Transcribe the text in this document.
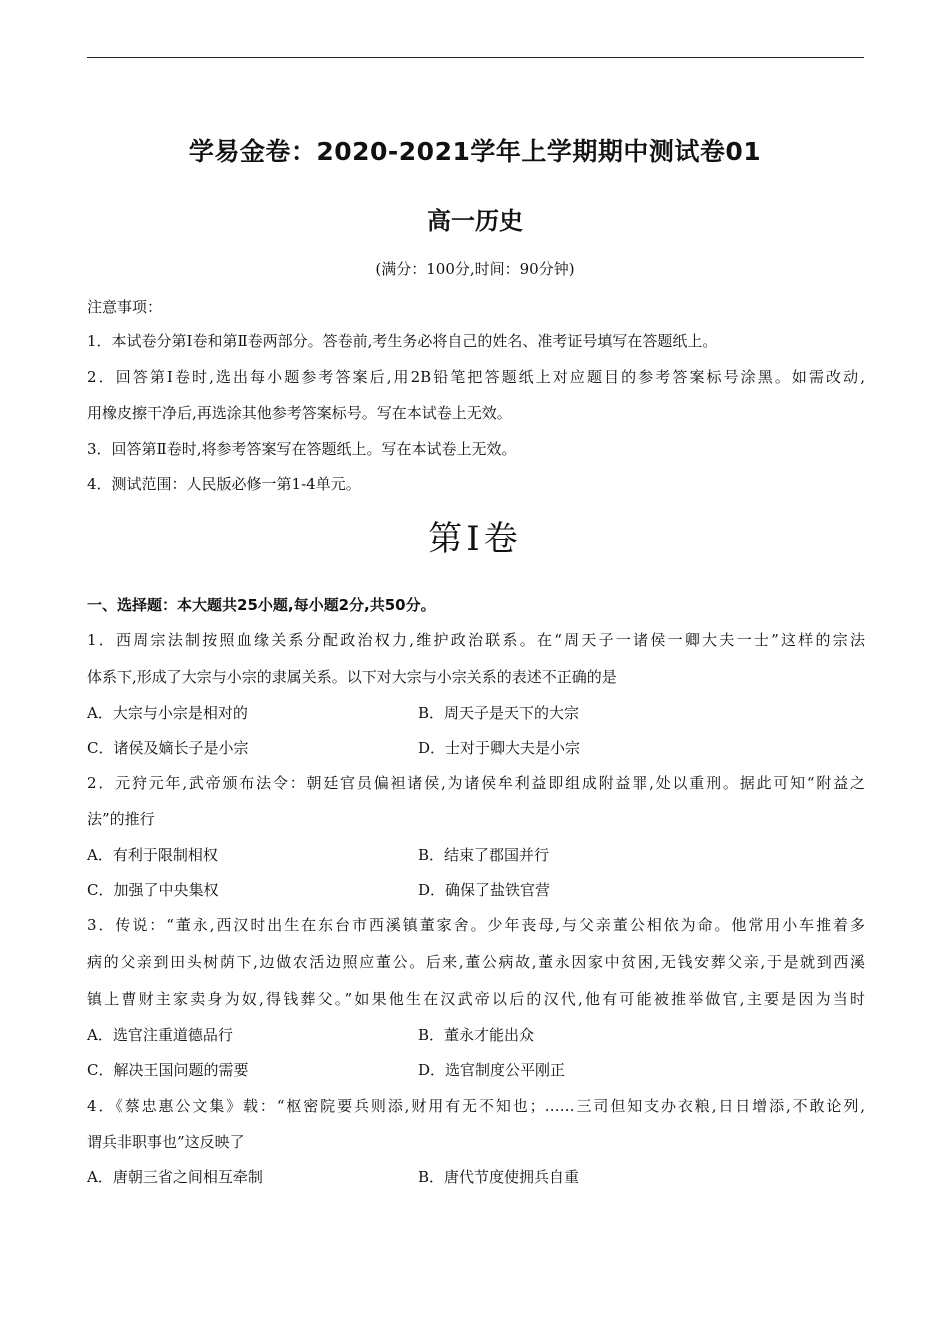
学易金卷：2020-2021学年上学期期中测试卷01
高一历史
(满分：100分,时间：90分钟)
注意事项：
1．本试卷分第Ⅰ卷和第Ⅱ卷两部分。答卷前,考生务必将自己的姓名、准考证号填写在答题纸上。
2．回答第Ⅰ卷时,选出每小题参考答案后,用2B铅笔把答题纸上对应题目的参考答案标号涂黑。如需改动,
用橡皮擦干净后,再选涂其他参考答案标号。写在本试卷上无效。
3．回答第Ⅱ卷时,将参考答案写在答题纸上。写在本试卷上无效。
4．测试范围：人民版必修一第1-4单元。
第Ⅰ卷
一、选择题：本大题共25小题,每小题2分,共50分。
1．西周宗法制按照血缘关系分配政治权力,维护政治联系。在“周天子一诸侯一卿大夫一士”这样的宗法
体系下,形成了大宗与小宗的隶属关系。以下对大宗与小宗关系的表述不正确的是
A．大宗与小宗是相对的	B．周天子是天下的大宗
C．诸侯及嫡长子是小宗	D．士对于卿大夫是小宗
2．元狩元年,武帝颁布法令：朝廷官员偏袒诸侯,为诸侯牟利益即组成附益罪,处以重刑。据此可知“附益之
法”的推行
A．有利于限制相权	B．结束了郡国并行
C．加强了中央集权	D．确保了盐铁官营
3．传说：“董永,西汉时出生在东台市西溪镇董家舍。少年丧母,与父亲董公相依为命。他常用小车推着多
病的父亲到田头树荫下,边做农活边照应董公。后来,董公病故,董永因家中贫困,无钱安葬父亲,于是就到西溪
镇上曹财主家卖身为奴,得钱葬父。”如果他生在汉武帝以后的汉代,他有可能被推举做官,主要是因为当时
A．选官注重道德品行	B．董永才能出众
C．解决王国问题的需要	D．选官制度公平刚正
4．《蔡忠惠公文集》载：“枢密院要兵则添,财用有无不知也；……三司但知支办衣粮,日日增添,不敢论列,
谓兵非职事也”这反映了
A．唐朝三省之间相互牵制	B．唐代节度使拥兵自重
